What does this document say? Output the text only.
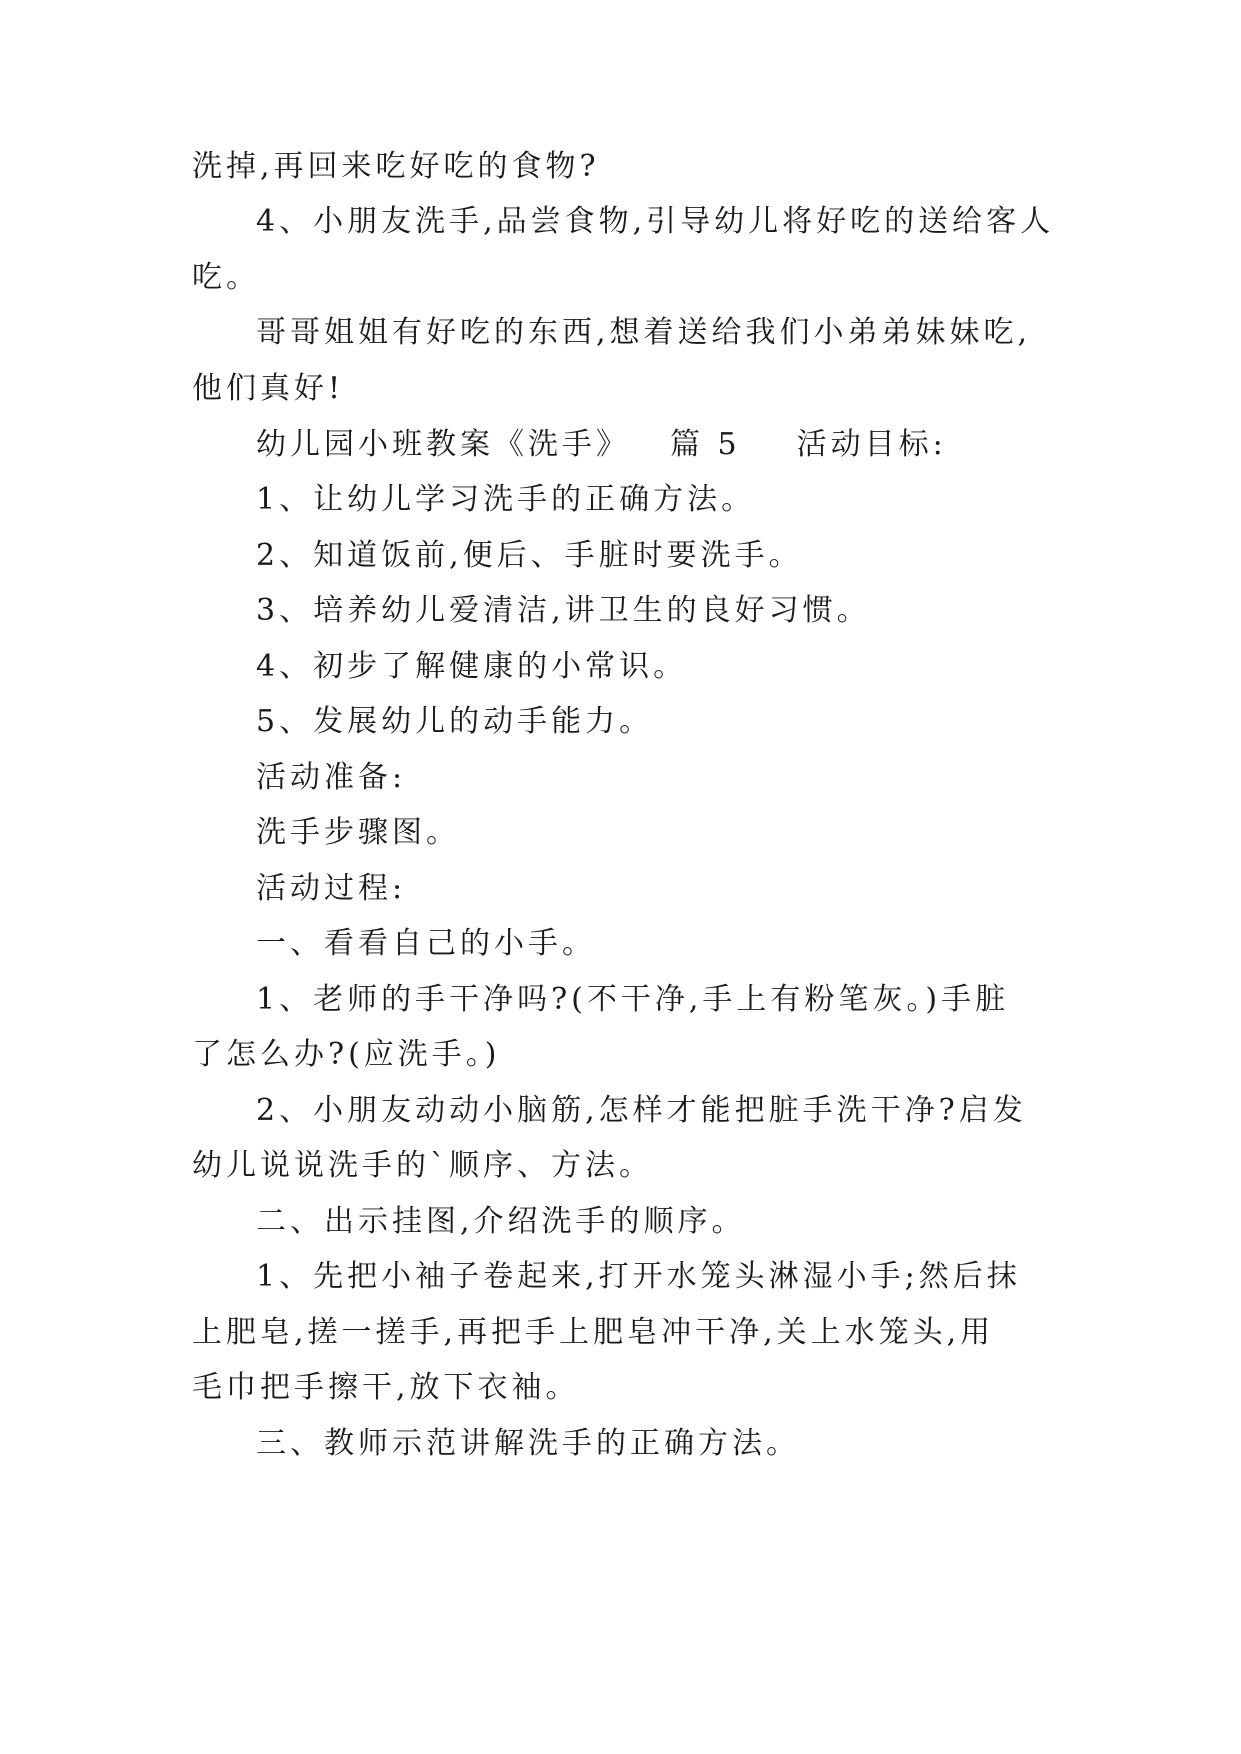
洗掉,再回来吃好吃的食物?
4、小朋友洗手,品尝食物,引导幼儿将好吃的送给客人
吃。
哥哥姐姐有好吃的东西,想着送给我们小弟弟妹妹吃,
他们真好!
幼儿园小班教案《洗手》 篇 5 活动目标:
1、让幼儿学习洗手的正确方法。
2、知道饭前,便后、手脏时要洗手。
3、培养幼儿爱清洁,讲卫生的良好习惯。
4、初步了解健康的小常识。
5、发展幼儿的动手能力。
活动准备:
洗手步骤图。
活动过程:
一、看看自己的小手。
1、老师的手干净吗?(不干净,手上有粉笔灰。)手脏
了怎么办?(应洗手。)
2、小朋友动动小脑筋,怎样才能把脏手洗干净?启发
幼儿说说洗手的`顺序、方法。
二、出示挂图,介绍洗手的顺序。
1、先把小袖子卷起来,打开水笼头淋湿小手;然后抹
上肥皂,搓一搓手,再把手上肥皂冲干净,关上水笼头,用
毛巾把手擦干,放下衣袖。
三、教师示范讲解洗手的正确方法。
